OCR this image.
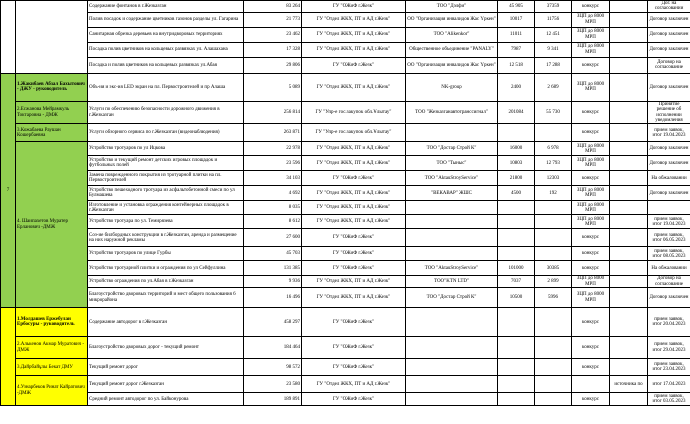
		Содержание фонтанов в г.Жезказган	83 264	ГУ "ОЖиФ г.Жезк"	ТОО "Дэлфи"	45 905	37359	конкурс		Дог. на согласовании
		Полив посадок и содержание цветников газонов разделы ул. Гагарина	21 773	ГУ "Отдел ЖКХ, ПТ и АД г.Жезк"	ОО "Организация инвалидов Жас Үркен"	10017	11756	ЗЦП до 8000 МРП		Договор заключен
		Санитарная обрезка деревьев на внутридворовых территориях	23 462	ГУ "Отдел ЖКХ, ПТ и АД г.Жезк"	ТОО "Alikenkor"	11011	12 451	ЗЦП до 8000 МРП		Договор заключен
		Посадка полив цветников на кольцевых развязках ул. Алашахана	17 328	ГУ "Отдел ЖКХ, ПТ и АД г.Жезк"	Общественное объединение "PANALY"	7987	9 341	ЗЦП до 8000 МРП		Договор заключен
		Посадка и полив цветников на кольцевых развязках ул.Абая	29 806	ГУ "ОЖиФ г.Жезк"	ОО "Организация инвалидов Жас Үркен"	12 518	17 288	конкурс		Договор на согласование
7	1.Жакибаев Абзал Бахытович - ДЖУ - руководитель	Объ-ия и экс-ия LED экран на пл. Первостроителей и пр Алаша	5 089	ГУ "Отдел ЖКХ, ПТ и АД г.Жезк"	NK-group	2400	2 689	ЗЦП до 8000 МРП		Договор заключен
	2.Есжанова Мейрамкуль Токтаровна - ДМЖ	Услуги по обеспечению безопасности дорожного движения в г.Жезказган	256 814	ГУ "Упр-е гос.закупок обл.Ұлытау"	ТОО "Жезказганавтотранссигнал"	201084	55 730	конкурс		Принятие решение об исполнении уведомления
	3.Кожабаева Раушан Кошербаевна	Услуги обзорного сервиса по г.Жезказган (видеонаблюдения)	263 871	ГУ "Упр-е гос.закупок обл.Ұлытау"				конкурс		прием заявок, итог 19.04.2023
	4. Шаипахетов Муратер Ерланович -ДМЖ	Устройство тротуаров по ул Ицкова	22 978	ГУ "Отдел ЖКХ, ПТ и АД г.Жезк"	ТОО "Достар Строй К"	16000	6 978	ЗЦП до 8000 МРП		Договор заключен
		Устройство и текущий ремонт детских игровых площадок и футбольных полей	23 596	ГУ "Отдел ЖКХ, ПТ и АД г.Жезк"	ТОО "Тыныс"	10803	12 793	ЗЦП до 8000 МРП		Договор заключен
		Замена поврежденного покрытия из тротуарной плитки на пл. Первостроителей	34 103	ГУ "ОЖиФ г.Жезк"	ТОО "AktauStroyService"	21800	12303	конкурс		На обжаловании
		Устройство пешеходного тротуара из асфальтобетонной смеси по ул Булмашева	4 692	ГУ "Отдел ЖКХ, ПТ и АД г.Жезк"	"ВЕКАВАР" ЖШС	4500	192	ЗЦП до 8000 МРП		Договор заключен
		Изготовление и установка ограждения контейнерных площадок в г.Жезказган	8 035	ГУ "Отдел ЖКХ, ПТ и АД г.Жезк"				ЗЦП до 8000 МРП		
		Устройство тротуара по ул. Темирязева	8 612	ГУ "Отдел ЖКХ, ПТ и АД г.Жезк"				ЗЦП до 8000 МРП		прием заявок, итог 19.04.2023
		Соз-ие билбордных конструкции в г.Жезказган, аренда и размещение на них наружной рекламы	27 600	ГУ "ОЖиФ г.Жезк"				конкурс		прием заявок, итог 06.05.2023
		Устройство тротуаров по улице Гурбы	45 703	ГУ "ОЖиФ г.Жезк"				конкурс		прием заявок, итог 08.05.2023
		Устройство тротуарной плитки и ограждения по ул Сейфуллина	131 385	ГУ "ОЖиФ г.Жезк"	ТОО "AktauStroyService"	101000	30385	конкурс		На обжаловании
		Устройство ограждения по ул.Абая в г.Жезказган	9 936	ГУ "Отдел ЖКХ, ПТ и АД г.Жезк"	ТОО"KTN LTD"	7037	2 899	ЗЦП до 8000 МРП		Договор на согласование
		Благоустройство дворовых территорий и мест общего пользования 6 микрорайона	16 496	ГУ "Отдел ЖКХ, ПТ и АД г.Жезк"	ТОО "Достар Строй К"	10500	5996	ЗЦП до 8000 МРП		Договор заключен
	1.Молдашев Ержебулан Ербосуры - руководитель	Содержание автодорог в г.Жезказган	458 297	ГУ "ОЖиФ г.Жезк"				конкурс		прием заявок, итог 20.04.2023
	2.Алькенов Акмар Муратович - ДМЖ	Благоустройство дворовых дорог - текущий ремонт	184 464	ГУ "ОЖиФ г.Жезк"				конкурс		прием заявок, итог 29.04.2023
	3.Дайрбайұлы Бекат ДМУ	Текущий ремонт дорог	98 572	ГУ "ОЖиФ г.Жезк"				конкурс		прием заявок, итог 23.04.2023
	4.Узнарбеков Ринат Кайратович -ДМЖ	Текущий ремонт дорог г.Жезказган	23 580	ГУ "Отдел ЖКХ, ПТ и АД г.Жезк"					источника по	итог 17.04.2023
		Средний ремонт автодорог по ул. Байконурова	189 891	ГУ "ОЖиФ г.Жезк"				конкурс		прием заявок, итог 03.05.2023
